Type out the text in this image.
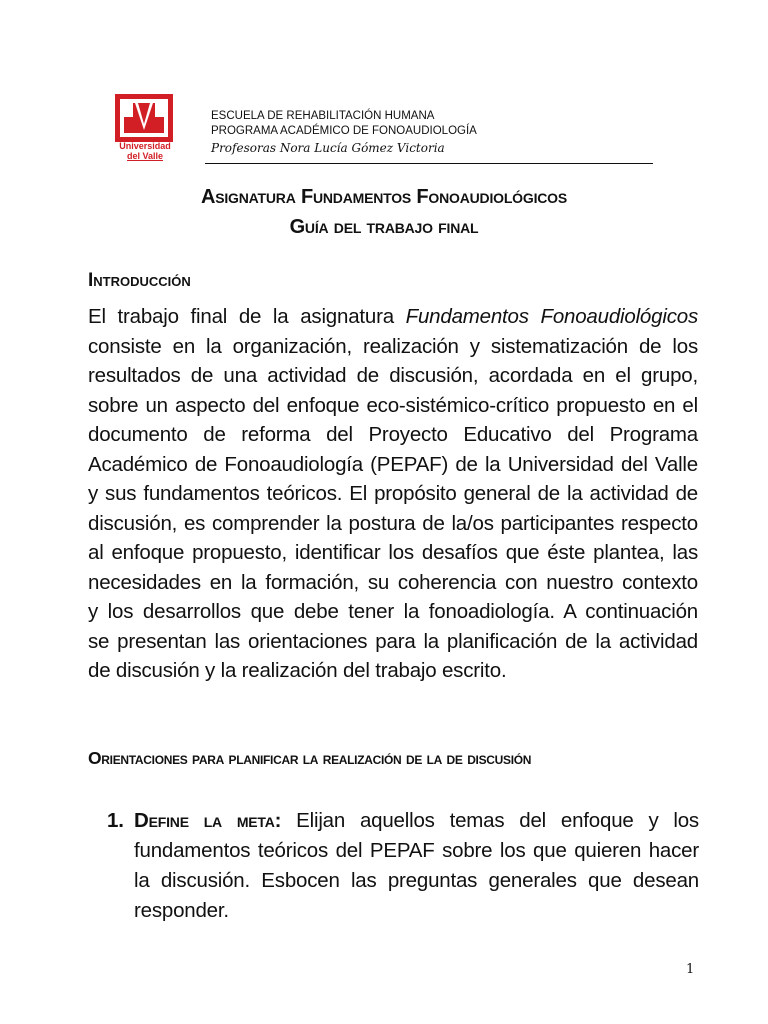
Universidad
del Valle
ESCUELA DE REHABILITACIÓN HUMANA
PROGRAMA ACADÉMICO DE FONOAUDIOLOGÍA
Profesoras Nora Lucía Gómez Victoria
Asignatura Fundamentos Fonoaudiológicos
Guía del trabajo final
Introducción
El trabajo final de la asignatura Fundamentos Fonoaudiológicos
consiste en la organización, realización y sistematización de los
resultados de una actividad de discusión, acordada en el grupo,
sobre un aspecto del enfoque eco-sistémico-crítico propuesto en el
documento de reforma del Proyecto Educativo del Programa
Académico de Fonoaudiología (PEPAF) de la Universidad del Valle
y sus fundamentos teóricos. El propósito general de la actividad de
discusión, es comprender la postura de la/os participantes respecto
al enfoque propuesto, identificar los desafíos que éste plantea, las
necesidades en la formación, su coherencia con nuestro contexto
y los desarrollos que debe tener la fonoadiología. A continuación
se presentan las orientaciones para la planificación de la actividad
de discusión y la realización del trabajo escrito.
Orientaciones para planificar la realización de la de discusión
1. Define la meta: Elijan aquellos temas del enfoque y los
fundamentos teóricos del PEPAF sobre los que quieren hacer
la discusión. Esbocen las preguntas generales que desean
responder.
1
